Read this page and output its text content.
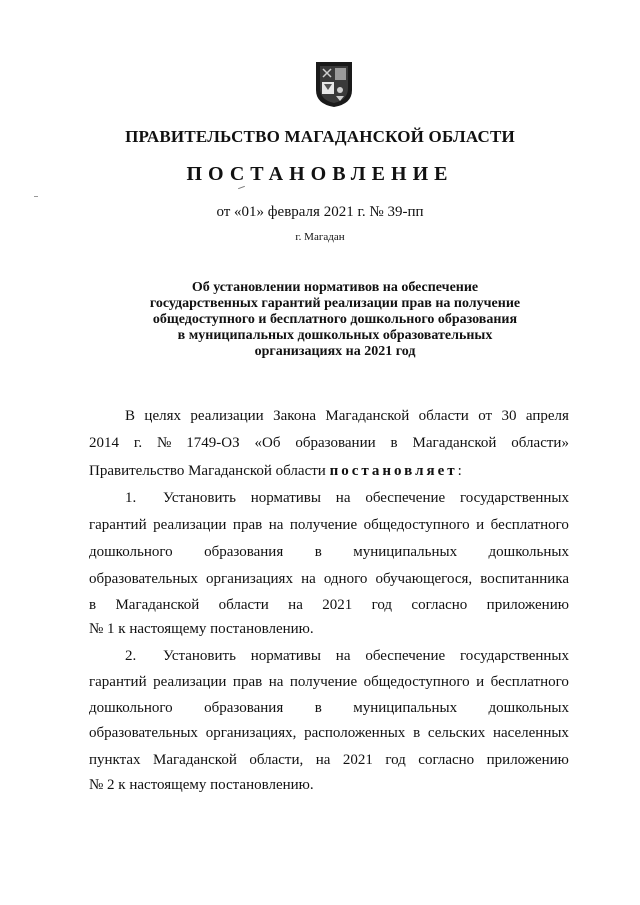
ПРАВИТЕЛЬСТВО МАГАДАНСКОЙ ОБЛАСТИ
ПОСТАНОВЛЕНИЕ
от «01» февраля 2021 г. № 39-пп
г. Магадан
Об установлении нормативов на обеспечение
государственных гарантий реализации прав на получение
общедоступного и бесплатного дошкольного образования
в муниципальных дошкольных образовательных
организациях на 2021 год
В целях реализации Закона Магаданской области от 30 апреля
2014 г. № 1749-ОЗ «Об образовании в Магаданской области»
Правительство Магаданской области постановляет:
1.	Установить нормативы на обеспечение государственных
гарантий реализации прав на получение общедоступного и бесплатного
дошкольного образования в муниципальных дошкольных
образовательных организациях на одного обучающегося, воспитанника
в Магаданской области на 2021 год согласно приложению
№ 1 к настоящему постановлению.
2.	Установить нормативы на обеспечение государственных
гарантий реализации прав на получение общедоступного и бесплатного
дошкольного образования в муниципальных дошкольных
образовательных организациях, расположенных в сельских населенных
пунктах Магаданской области, на 2021 год согласно приложению
№ 2 к настоящему постановлению.
